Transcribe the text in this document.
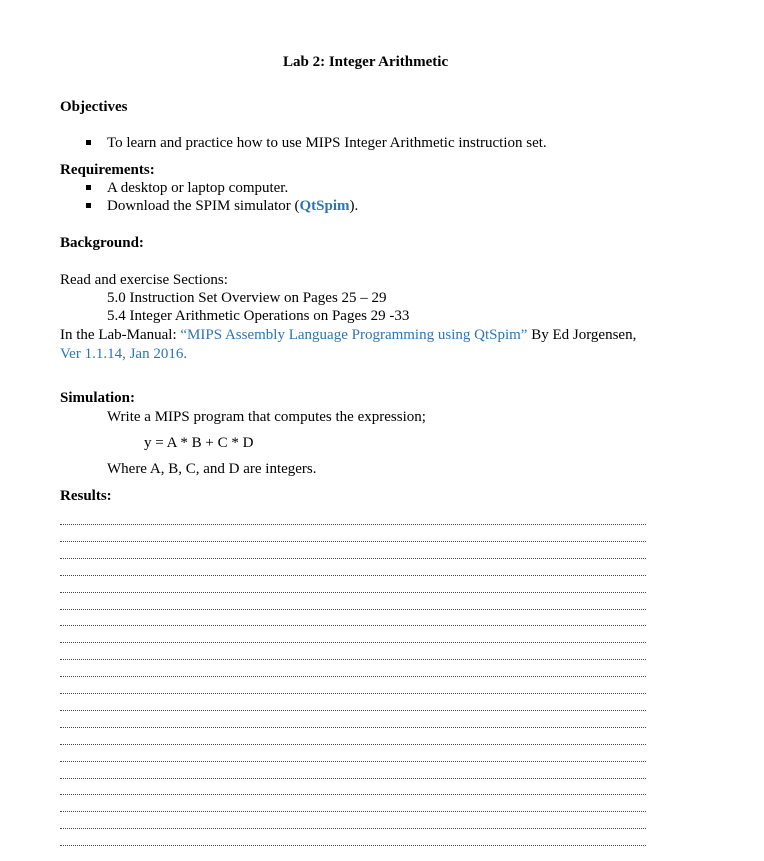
Lab 2: Integer Arithmetic
Objectives
To learn and practice how to use MIPS Integer Arithmetic instruction set.
Requirements:
A desktop or laptop computer.
Download the SPIM simulator (QtSpim).
Background:
Read and exercise Sections:
5.0 Instruction Set Overview on Pages 25 – 29
5.4 Integer Arithmetic Operations on Pages 29 -33
In the Lab-Manual: “MIPS Assembly Language Programming using QtSpim” By Ed Jorgensen,
Ver 1.1.14, Jan 2016.
Simulation:
Write a MIPS program that computes the expression;
y = A * B + C * D
Where A, B, C, and D are integers.
Results:
